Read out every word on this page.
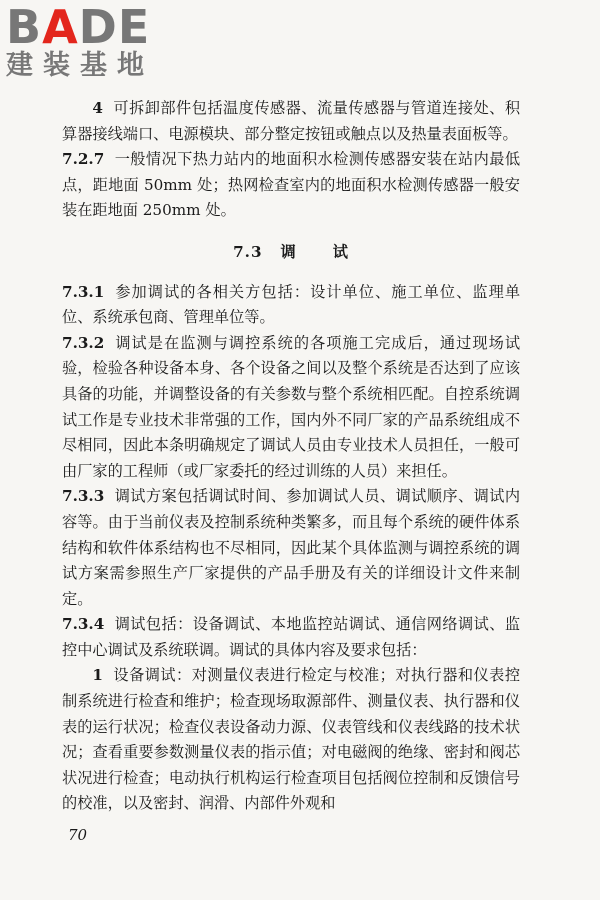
BADE
建装基地

4 可拆卸部件包括温度传感器、流量传感器与管道连接处、积算器接线端口、电源模块、部分整定按钮或触点以及热量表面板等。

7.2.7 一般情况下热力站内的地面积水检测传感器安装在站内最低点，距地面 50mm 处；热网检查室内的地面积水检测传感器一般安装在距地面 250mm 处。

7.3 调 试

7.3.1 参加调试的各相关方包括：设计单位、施工单位、监理单位、系统承包商、管理单位等。

7.3.2 调试是在监测与调控系统的各项施工完成后，通过现场试验，检验各种设备本身、各个设备之间以及整个系统是否达到了应该具备的功能，并调整设备的有关参数与整个系统相匹配。自控系统调试工作是专业技术非常强的工作，国内外不同厂家的产品系统组成不尽相同，因此本条明确规定了调试人员由专业技术人员担任，一般可由厂家的工程师（或厂家委托的经过训练的人员）来担任。

7.3.3 调试方案包括调试时间、参加调试人员、调试顺序、调试内容等。由于当前仪表及控制系统种类繁多，而且每个系统的硬件体系结构和软件体系结构也不尽相同，因此某个具体监测与调控系统的调试方案需参照生产厂家提供的产品手册及有关的详细设计文件来制定。

7.3.4 调试包括：设备调试、本地监控站调试、通信网络调试、监控中心调试及系统联调。调试的具体内容及要求包括：

1 设备调试：对测量仪表进行检定与校准；对执行器和仪表控制系统进行检查和维护；检查现场取源部件、测量仪表、执行器和仪表的运行状况；检查仪表设备动力源、仪表管线和仪表线路的技术状况；查看重要参数测量仪表的指示值；对电磁阀的绝缘、密封和阀芯状况进行检查；电动执行机构运行检查项目包括阀位控制和反馈信号的校准，以及密封、润滑、内部件外观和

70
